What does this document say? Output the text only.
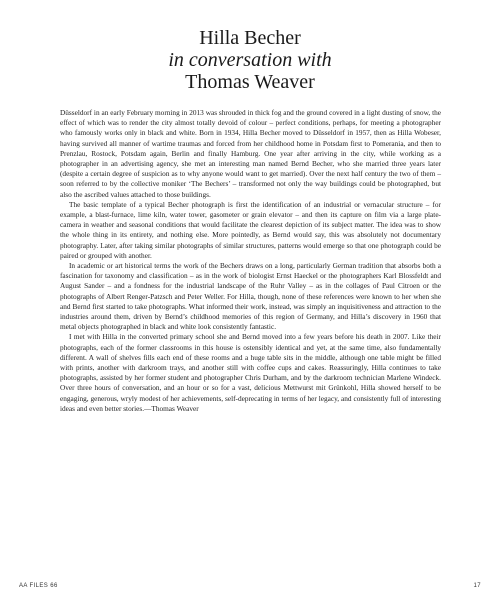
Hilla Becher
in conversation with
Thomas Weaver

Düsseldorf in an early February morning in 2013 was shrouded in thick fog and the ground covered in a light dusting of snow, the effect of which was to render the city almost totally devoid of colour – perfect conditions, perhaps, for meeting a photographer who famously works only in black and white. Born in 1934, Hilla Becher moved to Düsseldorf in 1957, then as Hilla Wobeser, having survived all manner of wartime traumas and forced from her childhood home in Potsdam first to Pomerania, and then to Prenzlau, Rostock, Potsdam again, Berlin and finally Hamburg. One year after arriving in the city, while working as a photographer in an advertising agency, she met an interesting man named Bernd Becher, who she married three years later (despite a certain degree of suspicion as to why anyone would want to get married). Over the next half century the two of them – soon referred to by the collective moniker ‘The Bechers’ – transformed not only the way buildings could be photographed, but also the ascribed values attached to those buildings.

The basic template of a typical Becher photograph is first the identification of an industrial or vernacular structure – for example, a blast-furnace, lime kiln, water tower, gasometer or grain elevator – and then its capture on film via a large plate-camera in weather and seasonal conditions that would facilitate the clearest depiction of its subject matter. The idea was to show the whole thing in its entirety, and nothing else. More pointedly, as Bernd would say, this was absolutely not documentary photography. Later, after taking similar photographs of similar structures, patterns would emerge so that one photograph could be paired or grouped with another.

In academic or art historical terms the work of the Bechers draws on a long, particularly German tradition that absorbs both a fascination for taxonomy and classification – as in the work of biologist Ernst Haeckel or the photographers Karl Blossfeldt and August Sander – and a fondness for the industrial landscape of the Ruhr Valley – as in the collages of Paul Citroen or the photographs of Albert Renger-Patzsch and Peter Weller. For Hilla, though, none of these references were known to her when she and Bernd first started to take photographs. What informed their work, instead, was simply an inquisitiveness and attraction to the industries around them, driven by Bernd’s childhood memories of this region of Germany, and Hilla’s discovery in 1960 that metal objects photographed in black and white look consistently fantastic.

I met with Hilla in the converted primary school she and Bernd moved into a few years before his death in 2007. Like their photographs, each of the former classrooms in this house is ostensibly identical and yet, at the same time, also fundamentally different. A wall of shelves fills each end of these rooms and a huge table sits in the middle, although one table might be filled with prints, another with darkroom trays, and another still with coffee cups and cakes. Reassuringly, Hilla continues to take photographs, assisted by her former student and photographer Chris Durham, and by the darkroom technician Marlene Windeck. Over three hours of conversation, and an hour or so for a vast, delicious Mettwurst mit Grünkohl, Hilla showed herself to be engaging, generous, wryly modest of her achievements, self-deprecating in terms of her legacy, and consistently full of interesting ideas and even better stories.—Thomas Weaver

AA FILES 66	17
